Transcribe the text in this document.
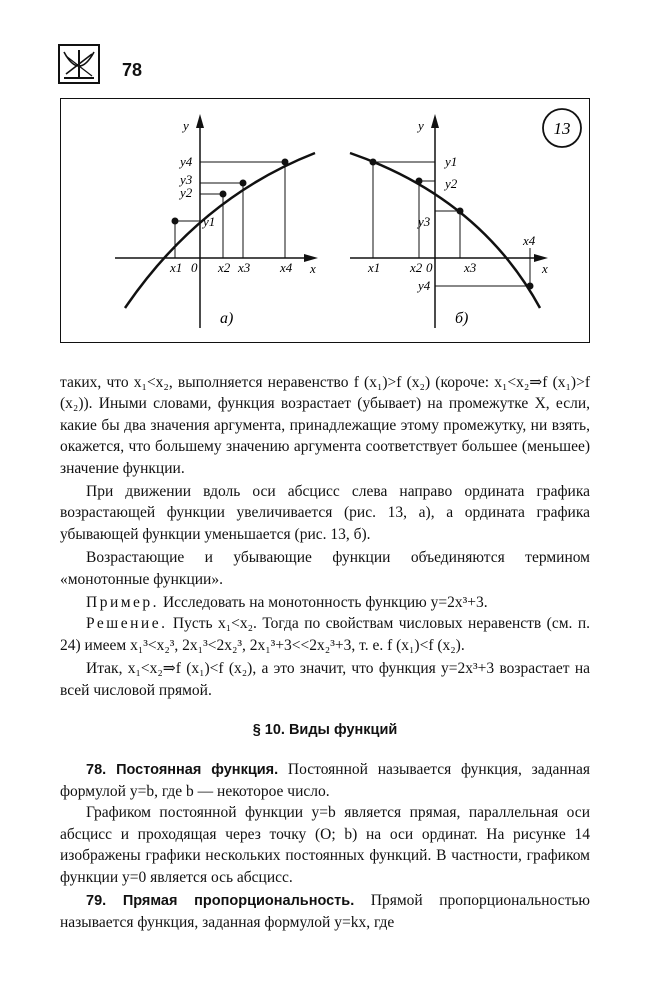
78
y
x
0
x1	x2 x3 x4
y4
y3
y2
y1
а)
y
x
0
x1 x2	x3
x4
y1
y2
y3
y4
б)
13

таких, что x₁<x₂, выполняется неравенство f (x₁)>f (x₂) (короче: x₁<x₂⇒f (x₁)>f (x₂)). Иными словами, функция возрастает (убывает) на промежутке X, если, какие бы два значения аргумента, принадлежащие этому промежутку, ни взять, окажется, что большему значению аргумента соответствует большее (меньшее) значение функции.

При движении вдоль оси абсцисс слева направо ордината графика возрастающей функции увеличивается (рис. 13, а), а ордината графика убывающей функции уменьшается (рис. 13, б).

Возрастающие и убывающие функции объединяются термином «монотонные функции».

Пример. Исследовать на монотонность функцию y=2x³+3.

Решение. Пусть x₁<x₂. Тогда по свойствам числовых неравенств (см. п. 24) имеем x₁³<x₂³, 2x₁³<2x₂³, 2x₁³+3<<2x₂³+3, т. е. f (x₁)<f (x₂).

Итак, x₁<x₂⇒f (x₁)<f (x₂), а это значит, что функция y=2x³+3 возрастает на всей числовой прямой.

§ 10. Виды функций

78. Постоянная функция. Постоянной называется функция, заданная формулой y=b, где b — некоторое число.

Графиком постоянной функции y=b является прямая, параллельная оси абсцисс и проходящая через точку (O; b) на оси ординат. На рисунке 14 изображены графики нескольких постоянных функций. В частности, графиком функции y=0 является ось абсцисс.

79. Прямая пропорциональность. Прямой пропорциональностью называется функция, заданная формулой y=kx, где
